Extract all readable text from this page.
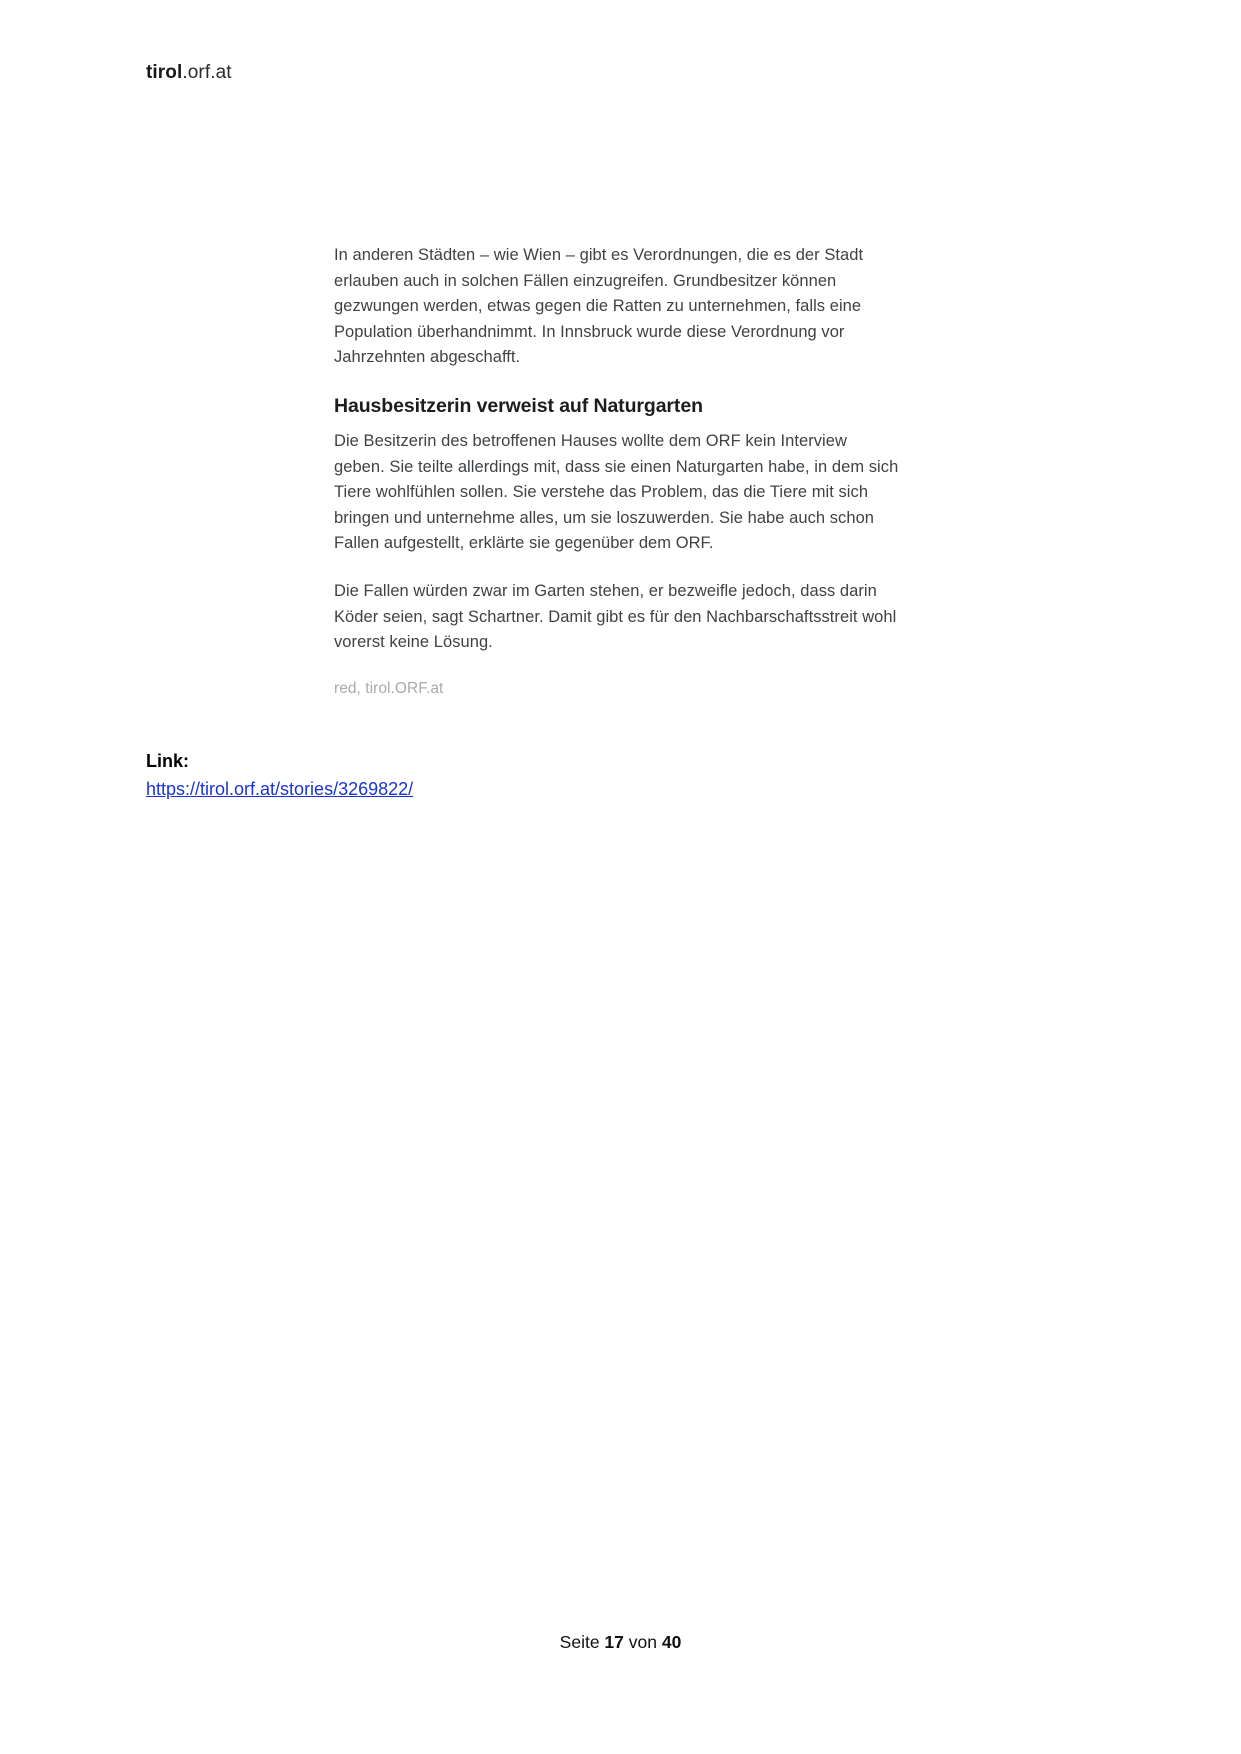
tirol.orf.at

In anderen Städten – wie Wien – gibt es Verordnungen, die es der Stadt erlauben auch in solchen Fällen einzugreifen. Grundbesitzer können gezwungen werden, etwas gegen die Ratten zu unternehmen, falls eine Population überhandnimmt. In Innsbruck wurde diese Verordnung vor Jahrzehnten abgeschafft.

Hausbesitzerin verweist auf Naturgarten

Die Besitzerin des betroffenen Hauses wollte dem ORF kein Interview geben. Sie teilte allerdings mit, dass sie einen Naturgarten habe, in dem sich Tiere wohlfühlen sollen. Sie verstehe das Problem, das die Tiere mit sich bringen und unternehme alles, um sie loszuwerden. Sie habe auch schon Fallen aufgestellt, erklärte sie gegenüber dem ORF.

Die Fallen würden zwar im Garten stehen, er bezweifle jedoch, dass darin Köder seien, sagt Schartner. Damit gibt es für den Nachbarschaftsstreit wohl vorerst keine Lösung.

red, tirol.ORF.at

Link:
https://tirol.orf.at/stories/3269822/
Seite 17 von 40
